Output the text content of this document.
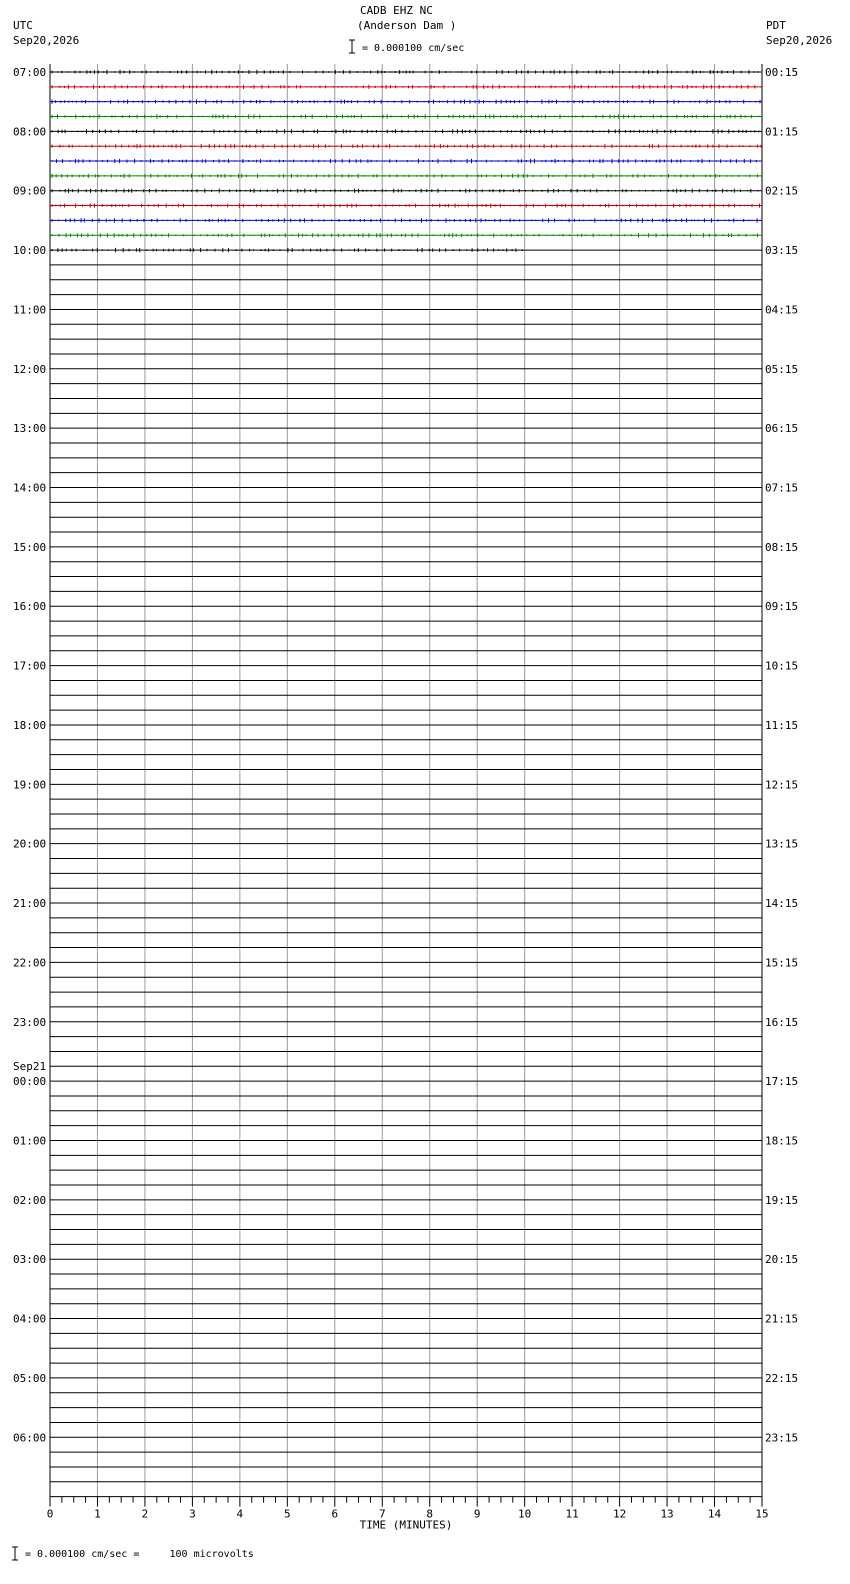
CADB EHZ NC
(Anderson Dam )
= 0.000100 cm/sec
UTC
Sep20,2026
PDT
Sep20,2026
= 0.000100 cm/sec =     100 microvolts
07:00
08:00
09:00
10:00
11:00
12:00
13:00
14:00
15:00
16:00
17:00
18:00
19:00
20:00
21:00
22:00
23:00
00:00
01:00
02:00
03:00
04:00
05:00
06:00
Sep21
00:15
01:15
02:15
03:15
04:15
05:15
06:15
07:15
08:15
09:15
10:15
11:15
12:15
13:15
14:15
15:15
16:15
17:15
18:15
19:15
20:15
21:15
22:15
23:15
0	1	2	3	4	5	6	7	8	9	10	11	12	13	14	15
TIME (MINUTES)
